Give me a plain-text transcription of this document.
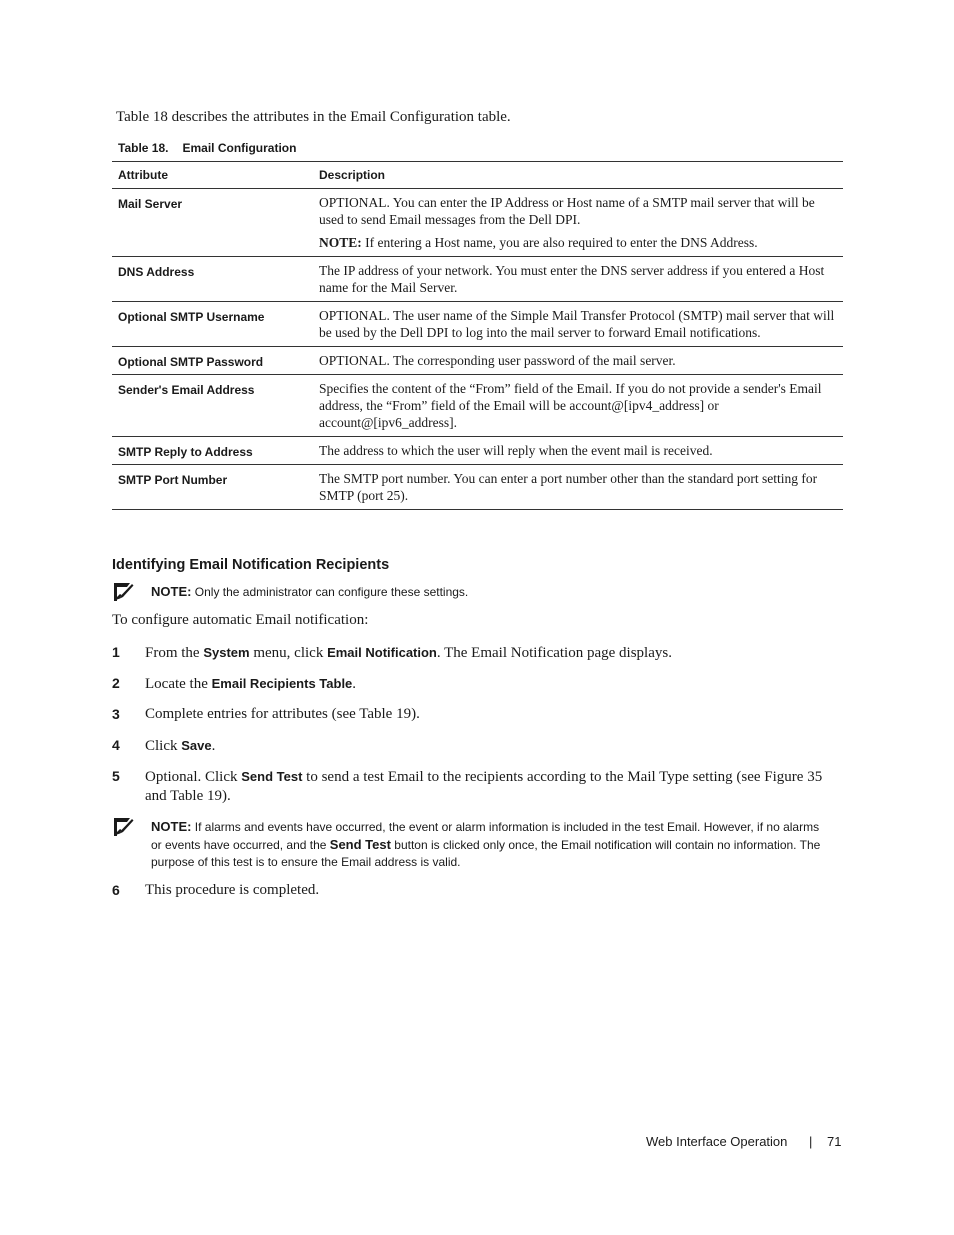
Table 18 describes the attributes in the Email Configuration table.
Table 18. Email Configuration
Attribute	Description
Mail Server	OPTIONAL. You can enter the IP Address or Host name of a SMTP mail server that will be used to send Email messages from the Dell DPI.
NOTE: If entering a Host name, you are also required to enter the DNS Address.

DNS Address	The IP address of your network. You must enter the DNS server address if you entered a Host name for the Mail Server.
Optional SMTP Username	OPTIONAL. The user name of the Simple Mail Transfer Protocol (SMTP) mail server that will be used by the Dell DPI to log into the mail server to forward Email notifications.
Optional SMTP Password	OPTIONAL. The corresponding user password of the mail server.
Sender's Email Address	Specifies the content of the “From” field of the Email. If you do not provide a sender's Email address, the “From” field of the Email will be account@[ipv4_address] or account@[ipv6_address].
SMTP Reply to Address	The address to which the user will reply when the event mail is received.
SMTP Port Number	The SMTP port number. You can enter a port number other than the standard port setting for SMTP (port 25).
Identifying Email Notification Recipients
NOTE: Only the administrator can configure these settings.
To configure automatic Email notification:
1	From the System menu, click Email Notification. The Email Notification page displays.
2	Locate the Email Recipients Table.
3	Complete entries for attributes (see Table 19).
4	Click Save.
5	Optional. Click Send Test to send a test Email to the recipients according to the Mail Type setting (see Figure 35 and Table 19).
NOTE: If alarms and events have occurred, the event or alarm information is included in the test Email. However, if no alarms or events have occurred, and the Send Test button is clicked only once, the Email notification will contain no information. The purpose of this test is to ensure the Email address is valid.
6	This procedure is completed.
Web Interface Operation | 71
